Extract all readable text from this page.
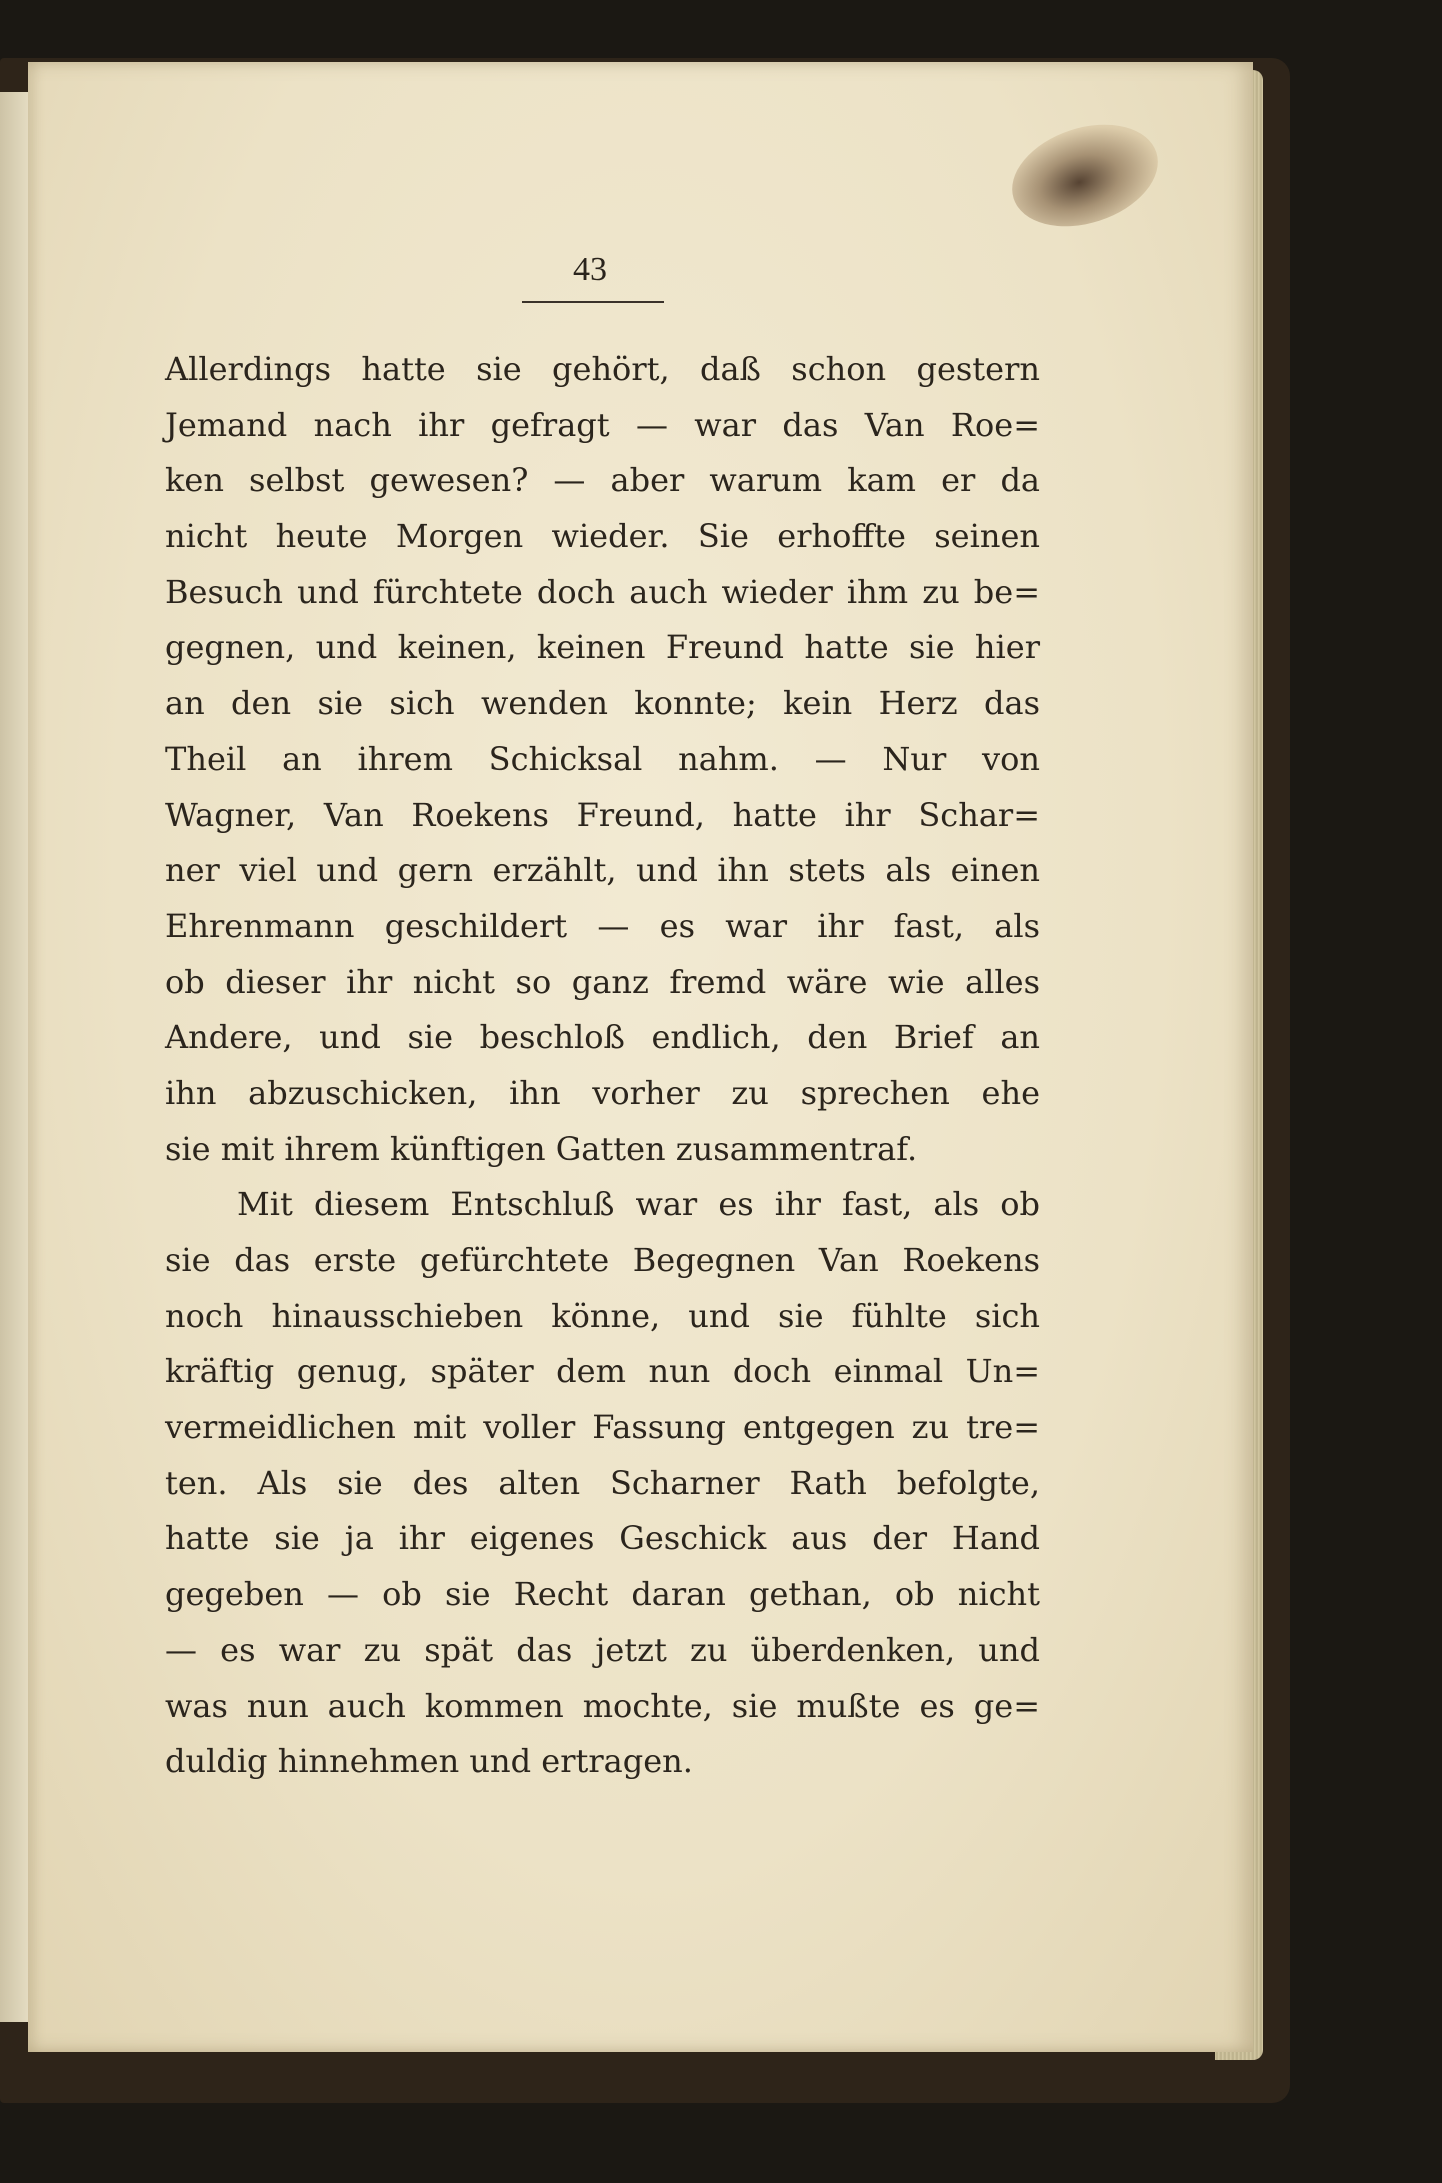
43
Allerdings hatte sie gehört, daß schon gestern
Jemand nach ihr gefragt — war das Van Roe=
ken selbst gewesen? — aber warum kam er da
nicht heute Morgen wieder. Sie erhoffte seinen
Besuch und fürchtete doch auch wieder ihm zu be=
gegnen, und keinen, keinen Freund hatte sie hier
an den sie sich wenden konnte; kein Herz das
Theil an ihrem Schicksal nahm. — Nur von
Wagner, Van Roekens Freund, hatte ihr Schar=
ner viel und gern erzählt, und ihn stets als einen
Ehrenmann geschildert — es war ihr fast, als
ob dieser ihr nicht so ganz fremd wäre wie alles
Andere, und sie beschloß endlich, den Brief an
ihn abzuschicken, ihn vorher zu sprechen ehe
sie mit ihrem künftigen Gatten zusammentraf.
Mit diesem Entschluß war es ihr fast, als ob
sie das erste gefürchtete Begegnen Van Roekens
noch hinausschieben könne, und sie fühlte sich
kräftig genug, später dem nun doch einmal Un=
vermeidlichen mit voller Fassung entgegen zu tre=
ten. Als sie des alten Scharner Rath befolgte,
hatte sie ja ihr eigenes Geschick aus der Hand
gegeben — ob sie Recht daran gethan, ob nicht
— es war zu spät das jetzt zu überdenken, und
was nun auch kommen mochte, sie mußte es ge=
duldig hinnehmen und ertragen.
